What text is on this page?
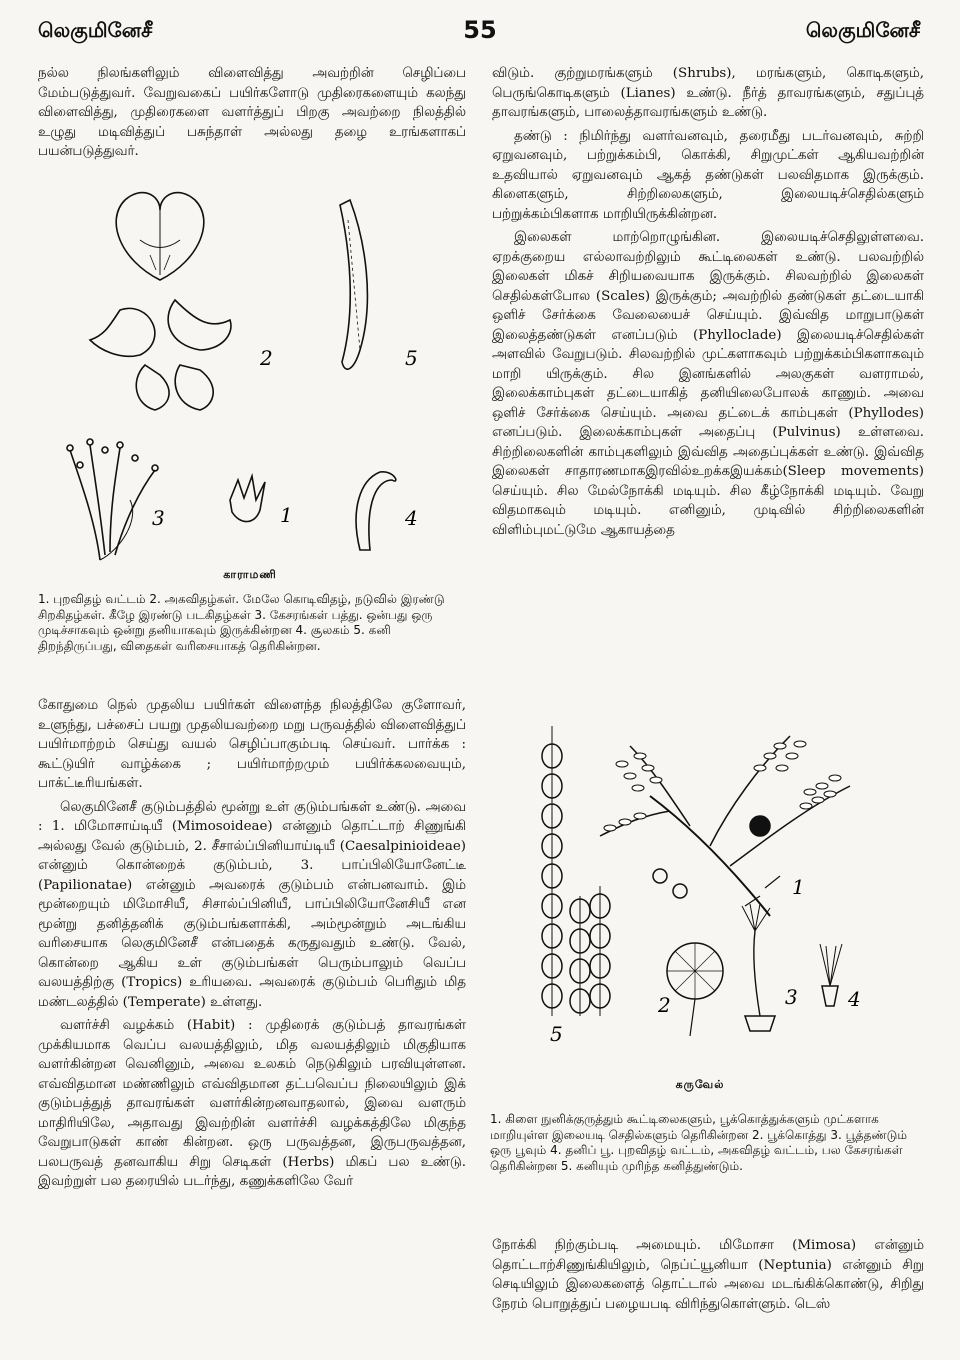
லெகுமினேசீ	55	லெகுமினேசீ

நல்ல நிலங்களிலும் விளைவித்து அவற்றின் செழிப்பை மேம்படுத்துவர். வேறுவகைப் பயிர்களோடு முதிரைகளையும் கலந்து விளைவித்து, முதிரைகளை வளர்த்துப் பிறகு அவற்றை நிலத்தில் உழுது மடிவித்துப் பசுந்தாள் அல்லது தழை உரங்களாகப் பயன்படுத்துவர்.

2	5
3	1	4
காராமணி
1. புறவிதழ் வட்டம் 2. அகவிதழ்கள். மேலே கொடிவிதழ், நடுவில் இரண்டு சிறகிதழ்கள். கீழே இரண்டு படகிதழ்கள் 3. கேசரங்கள் பத்து. ஒன்பது ஒரு முடிச்சாகவும் ஒன்று தனியாகவும் இருக்கின்றன 4. சூலகம் 5. கனி திறந்திருப்பது, விதைகள் வரிசையாகத் தெரிகின்றன.

கோதுமை நெல் முதலிய பயிர்கள் விளைந்த நிலத்திலே குளோவர், உளுந்து, பச்சைப் பயறு முதலியவற்றை மறு பருவத்தில் விளைவித்துப் பயிர்மாற்றம் செய்து வயல் செழிப்பாகும்படி செய்வர். பார்க்க : கூட்டுயிர் வாழ்க்கை ; பயிர்மாற்றமும் பயிர்க்கலவையும், பாக்ட்டீரியங்கள்.

லெகுமினேசீ குடும்பத்தில் மூன்று உள் குடும்பங்கள் உண்டு. அவை : 1. மிமோசாய்டியீ (Mimosoideae) என்னும் தொட்டாற் சிணுங்கி அல்லது வேல் குடும்பம், 2. சீசால்ப்பினியாய்டியீ (Caesalpinioideae) என்னும் கொன்றைக் குடும்பம், 3. பாப்பிலியோனேட்டீ (Papilionatae) என்னும் அவரைக் குடும்பம் என்பனவாம். இம் மூன்றையும் மிமோசியீ, சிசால்ப்பினியீ, பாப்பிலியோனேசியீ என மூன்று தனித்தனிக் குடும்பங்களாக்கி, அம்மூன்றும் அடங்கிய வரிசையாக லெகுமினேசீ என்பதைக் கருதுவதும் உண்டு. வேல், கொன்றை ஆகிய உள் குடும்பங்கள் பெரும்பாலும் வெப்ப வலயத்திற்கு (Tropics) உரியவை. அவரைக் குடும்பம் பெரிதும் மித மண்டலத்தில் (Temperate) உள்ளது.

வளர்ச்சி வழக்கம் (Habit) : முதிரைக் குடும்பத் தாவரங்கள் முக்கியமாக வெப்ப வலயத்திலும், மித வலயத்திலும் மிகுதியாக வளர்கின்றன வெனினும், அவை உலகம் நெடுகிலும் பரவியுள்ளன. எவ்விதமான மண்ணிலும் எவ்விதமான தட்பவெப்ப நிலையிலும் இக் குடும்பத்துத் தாவரங்கள் வளர்கின்றனவாதலால், இவை வளரும் மாதிரியிலே, அதாவது இவற்றின் வளர்ச்சி வழக்கத்திலே மிகுந்த வேறுபாடுகள் காண் கின்றன. ஒரு பருவத்தன, இருபருவத்தன, பலபருவத் தனவாகிய சிறு செடிகள் (Herbs) மிகப் பல உண்டு. இவற்றுள் பல தரையில் படர்ந்து, கணுக்களிலே வேர்

விடும். குற்றுமரங்களும் (Shrubs), மரங்களும், கொடிகளும், பெருங்கொடிகளும் (Lianes) உண்டு. நீர்த் தாவரங்களும், சதுப்புத் தாவரங்களும், பாலைத்தாவரங்களும் உண்டு.

தண்டு : நிமிர்ந்து வளர்வனவும், தரைமீது படர்வனவும், சுற்றி ஏறுவனவும், பற்றுக்கம்பி, கொக்கி, சிறுமுட்கள் ஆகியவற்றின் உதவியால் ஏறுவனவும் ஆகத் தண்டுகள் பலவிதமாக இருக்கும். கிளைகளும், சிற்றிலைகளும், இலையடிச்செதில்களும் பற்றுக்கம்பிகளாக மாறியிருக்கின்றன.

இலைகள் மாற்றொழுங்கின. இலையடிச்செதிலுள்ளவை. ஏறக்குறைய எல்லாவற்றிலும் கூட்டிலைகள் உண்டு. பலவற்றில் இலைகள் மிகச் சிறியவையாக இருக்கும். சிலவற்றில் இலைகள் செதில்கள்போல (Scales) இருக்கும்; அவற்றில் தண்டுகள் தட்டையாகி ஒளிச் சேர்க்கை வேலையைச் செய்யும். இவ்வித மாறுபாடுகள் இலைத்தண்டுகள் எனப்படும் (Phylloclade) இலையடிச்செதில்கள் அளவில் வேறுபடும். சிலவற்றில் முட்களாகவும் பற்றுக்கம்பிகளாகவும் மாறி யிருக்கும். சில இனங்களில் அலகுகள் வளராமல், இலைக்காம்புகள் தட்டையாகித் தனியிலைபோலக் காணும். அவை ஒளிச் சேர்க்கை செய்யும். அவை தட்டைக் காம்புகள் (Phyllodes) எனப்படும். இலைக்காம்புகள் அதைப்பு (Pulvinus) உள்ளவை. சிற்றிலைகளின் காம்புகளிலும் இவ்வித அதைப்புக்கள் உண்டு. இவ்வித இலைகள் சாதாரணமாகஇரவில்உறக்கஇயக்கம்(Sleep movements) செய்யும். சில மேல்நோக்கி மடியும். சில கீழ்நோக்கி மடியும். வேறு விதமாகவும் மடியும். எனினும், முடிவில் சிற்றிலைகளின் விளிம்புமட்டுமே ஆகாயத்தை

1
2	3	4
5
கருவேல்
1. கிளை நுனிக்குருத்தும் கூட்டிலைகளும், பூக்கொத்துக்களும் முட்களாக மாறியுள்ள இலையடி செதில்களும் தெரிகின்றன 2. பூக்கொத்து 3. பூத்தண்டும் ஒரு பூவும் 4. தனிப் பூ. புறவிதழ் வட்டம், அகவிதழ் வட்டம், பல கேசரங்கள் தெரிகின்றன 5. கனியும் முரிந்த கனித்துண்டும்.

நோக்கி நிற்கும்படி அமையும். மிமோசா (Mimosa) என்னும் தொட்டாற்சிணுங்கியிலும், நெப்ட்யூனியா (Neptunia) என்னும் சிறு செடியிலும் இலைகளைத் தொட்டால் அவை மடங்கிக்கொண்டு, சிறிது நேரம் பொறுத்துப் பழையபடி விரிந்துகொள்ளும். டெஸ்
